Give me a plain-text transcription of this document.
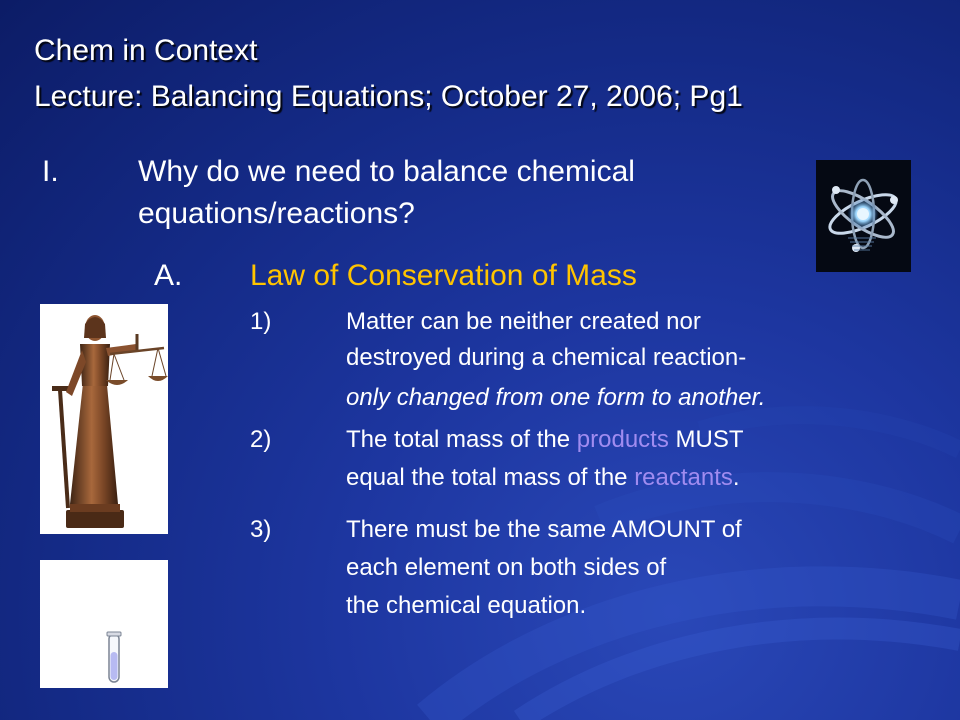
Chem in Context
Lecture: Balancing Equations; October 27, 2006; Pg1
I.	Why do we need to balance chemical
equations/reactions?
A. Law of Conservation of Mass
1)	Matter can be neither created nor
destroyed during a chemical reaction-
only changed from one form to another.
2)	The total mass of the products MUST
equal the total mass of the reactants.
3)	There must be the same AMOUNT of
each element on both sides of
the chemical equation.
